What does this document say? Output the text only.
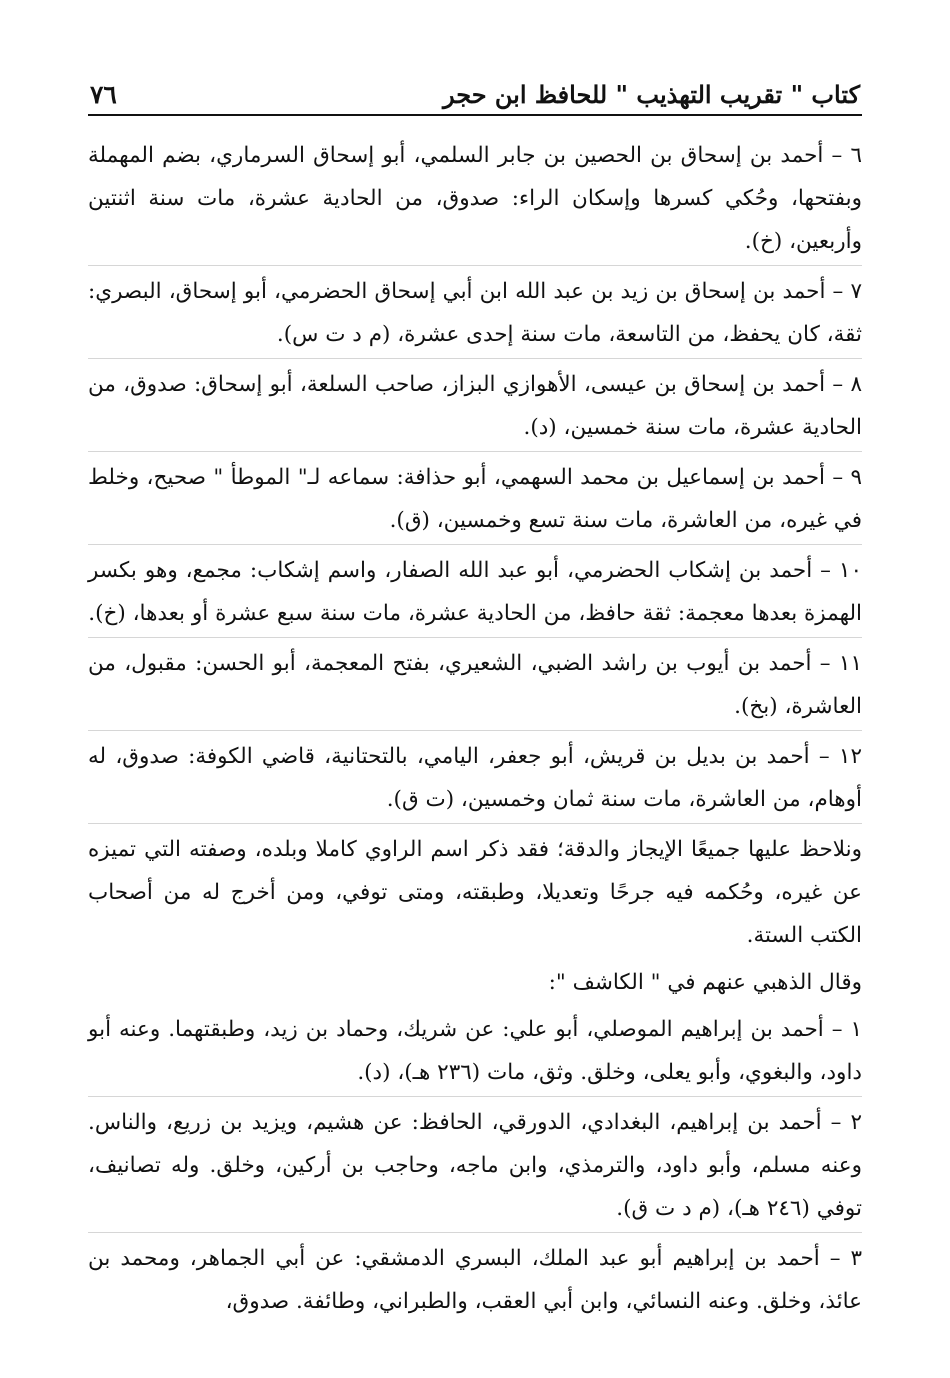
كتاب " تقريب التهذيب " للحافظ ابن حجر
٧٦

٦ – أحمد بن إسحاق بن الحصين بن جابر السلمي، أبو إسحاق السرماري، بضم المهملة وبفتحها، وحُكي كسرها وإسكان الراء: صدوق، من الحادية عشرة، مات سنة اثنتين وأربعين، (خ).

٧ – أحمد بن إسحاق بن زيد بن عبد الله ابن أبي إسحاق الحضرمي، أبو إسحاق، البصري: ثقة، كان يحفظ، من التاسعة، مات سنة إحدى عشرة، (م د ت س).

٨ – أحمد بن إسحاق بن عيسى، الأهوازي البزاز، صاحب السلعة، أبو إسحاق: صدوق، من الحادية عشرة، مات سنة خمسين، (د).

٩ – أحمد بن إسماعيل بن محمد السهمي، أبو حذافة: سماعه لـ" الموطأ " صحيح، وخلط في غيره، من العاشرة، مات سنة تسع وخمسين، (ق).

١٠ – أحمد بن إشكاب الحضرمي، أبو عبد الله الصفار، واسم إشكاب: مجمع، وهو بكسر الهمزة بعدها معجمة: ثقة حافظ، من الحادية عشرة، مات سنة سبع عشرة أو بعدها، (خ).

١١ – أحمد بن أيوب بن راشد الضبي، الشعيري، بفتح المعجمة، أبو الحسن: مقبول، من العاشرة، (بخ).

١٢ – أحمد بن بديل بن قريش، أبو جعفر، اليامي، بالتحتانية، قاضي الكوفة: صدوق، له أوهام، من العاشرة، مات سنة ثمان وخمسين، (ت ق).

ونلاحظ عليها جميعًا الإيجاز والدقة؛ فقد ذكر اسم الراوي كاملا وبلده، وصفته التي تميزه عن غيره، وحُكمه فيه جرحًا وتعديلا، وطبقته، ومتى توفي، ومن أخرج له من أصحاب الكتب الستة.

وقال الذهبي عنهم في " الكاشف ":

١ – أحمد بن إبراهيم الموصلي، أبو علي: عن شريك، وحماد بن زيد، وطبقتهما. وعنه أبو داود، والبغوي، وأبو يعلى، وخلق. وثق، مات (٢٣٦ هـ)، (د).

٢ – أحمد بن إبراهيم، البغدادي، الدورقي، الحافظ: عن هشيم، ويزيد بن زريع، والناس. وعنه مسلم، وأبو داود، والترمذي، وابن ماجه، وحاجب بن أركين، وخلق. وله تصانيف، توفي (٢٤٦ هـ)، (م د ت ق).

٣ – أحمد بن إبراهيم أبو عبد الملك، البسري الدمشقي: عن أبي الجماهر، ومحمد بن عائذ، وخلق. وعنه النسائي، وابن أبي العقب، والطبراني، وطائفة. صدوق،
